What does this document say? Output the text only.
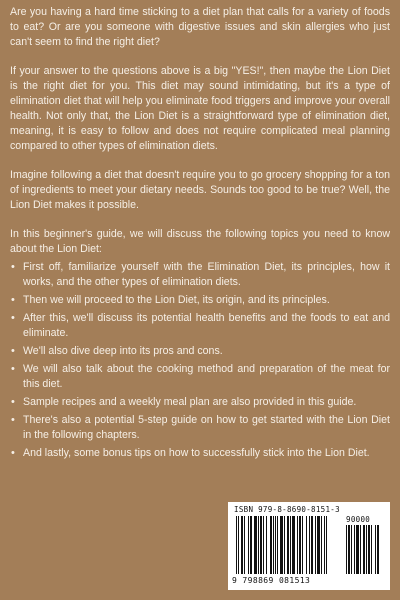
Are you having a hard time sticking to a diet plan that calls for a variety of foods to eat? Or are you someone with digestive issues and skin allergies who just can't seem to find the right diet?

If your answer to the questions above is a big "YES!", then maybe the Lion Diet is the right diet for you. This diet may sound intimidating, but it's a type of elimination diet that will help you eliminate food triggers and improve your overall health. Not only that, the Lion Diet is a straightforward type of elimination diet, meaning, it is easy to follow and does not require complicated meal planning compared to other types of elimination diets.

Imagine following a diet that doesn't require you to go grocery shopping for a ton of ingredients to meet your dietary needs. Sounds too good to be true? Well, the Lion Diet makes it possible.

In this beginner's guide, we will discuss the following topics you need to know about the Lion Diet:

• First off, familiarize yourself with the Elimination Diet, its principles, how it works, and the other types of elimination diets.
• Then we will proceed to the Lion Diet, its origin, and its principles.
• After this, we'll discuss its potential health benefits and the foods to eat and eliminate.
• We'll also dive deep into its pros and cons.
• We will also talk about the cooking method and preparation of the meat for this diet.
• Sample recipes and a weekly meal plan are also provided in this guide.
• There's also a potential 5-step guide on how to get started with the Lion Diet in the following chapters.
• And lastly, some bonus tips on how to successfully stick into the Lion Diet.
ISBN 979-8-8690-8151-3
90000
9 798869 081513
